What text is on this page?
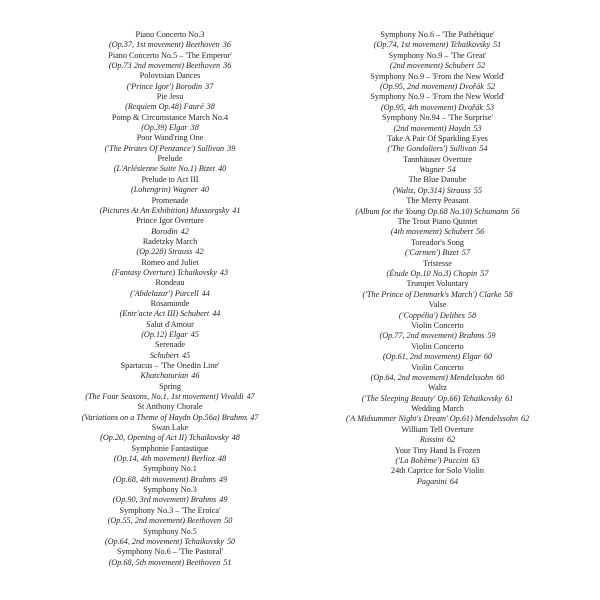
Piano Concerto No.3
(Op.37, 1st movement) Beethoven 36
Piano Concerto No.5 – 'The Emperor'
(Op.73 2nd movement) Beethoven 36
Polovtsian Dances
('Prince Igor') Borodin 37
Pie Jesu
(Requiem Op.48) Fauré 38
Pomp & Circumstance March No.4
(Op.39) Elgar 38
Poor Wand'ring One
('The Pirates Of Penzance') Sullivan 39
Prelude
(L'Arlésienne Suite No.1) Bizet 40
Prelude to Act III
(Lohengrin) Wagner 40
Promenade
(Pictures At An Exhibition) Mussorgsky 41
Prince Igor Overture
Borodin 42
Radetzky March
(Op.228) Strauss 42
Romeo and Juliet
(Fantasy Overture) Tchaikovsky 43
Rondeau
('Abdelazar') Purcell 44
Rosamunde
(Entr'acte Act III) Schubert 44
Salut d'Amour
(Op.12) Elgar 45
Serenade
Schubert 45
Spartacus – 'The Onedin Line'
Khatchaturian 46
Spring
(The Four Seasons, No.1, 1st movement) Vivaldi 47
St Anthony Chorale
(Variations on a Theme of Haydn Op.56a) Brahms 47
Swan Lake
(Op.20, Opening of Act II) Tchaikovsky 48
Symphonie Fantastique
(Op.14, 4th movement) Berlioz 48
Symphony No.1
(Op.68, 4th movement) Brahms 49
Symphony No.3
(Op.90, 3rd movement) Brahms 49
Symphony No.3 – 'The Eroica'
(Op.55, 2nd movement) Beethoven 50
Symphony No.5
(Op.64, 2nd movement) Tchaikovsky 50
Symphony No.6 – 'The Pastoral'
(Op.68, 5th movement) Beethoven 51
Symphony No.6 – 'The Pathétique'
(Op.74, 1st movement) Tchaikovsky 51
Symphony No.9 – 'The Great'
(2nd movement) Schubert 52
Symphony No.9 – 'From the New World'
(Op.95, 2nd movement) Dvořák 52
Symphony No.9 – 'From the New World'
(Op.95, 4th movement) Dvořák 53
Symphony No.94 – 'The Surprise'
(2nd movement) Haydn 53
Take A Pair Of Sparkling Eyes
('The Gondoliers') Sullivan 54
Tannhäuser Overture
Wagner 54
The Blue Danube
(Waltz, Op.314) Strauss 55
The Merry Peasant
(Album for the Young Op.68 No.10) Schumann 56
The Trout Piano Quintet
(4th movement) Schubert 56
Toreador's Song
('Carmen') Bizet 57
Tristesse
(Étude Op.10 No.3) Chopin 57
Trumpet Voluntary
('The Prince of Denmark's March') Clarke 58
Valse
('Coppélia') Delibes 58
Violin Concerto
(Op.77, 2nd movement) Brahms 59
Violin Concerto
(Op.61, 2nd movement) Elgar 60
Violin Concerto
(Op.64, 2nd movement) Mendelssohn 60
Waltz
('The Sleeping Beauty' Op.66) Tchaikovsky 61
Wedding March
('A Midsummer Night's Dream' Op.61) Mendelssohn 62
William Tell Overture
Rossini 62
Your Tiny Hand Is Frozen
('La Bohème') Puccini 63
24th Caprice for Solo Violin
Paganini 64
